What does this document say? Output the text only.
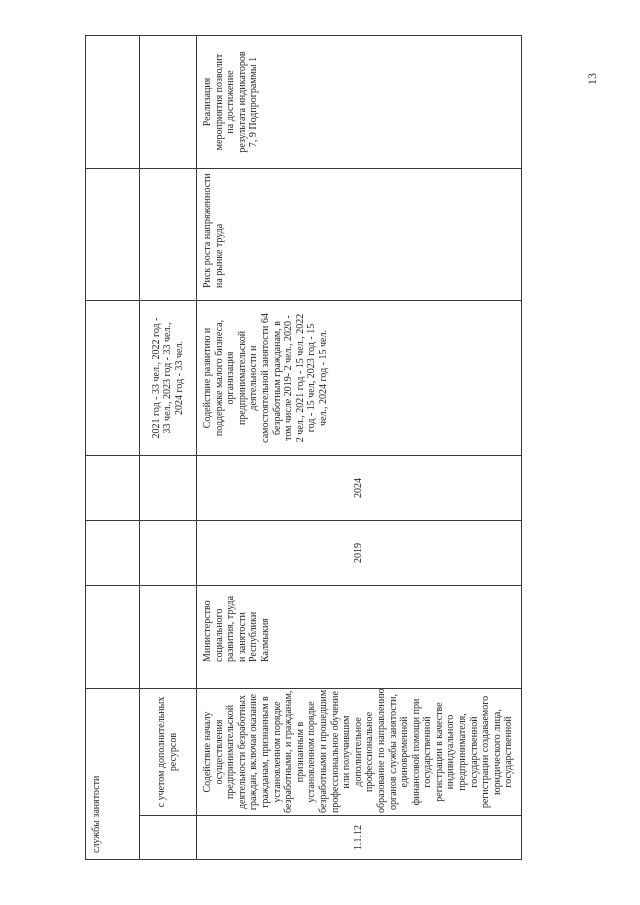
13
службы занятости
с учетом дополнительных ресурсов
2021 год - 33 чел., 2022 год - 33 чел., 2023 год - 33 чел., 2024 год - 33 чел.
1.1.12
Содействие началу осуществления предпринимательской деятельности безработных граждан, включая оказание гражданам, признанным в установленном порядке безработными, и гражданам, признанным в установленном порядке безработными и прошедшим профессиональное обучение или получившим дополнительное профессиональное образование по направлению органов службы занятости, единовременной финансовой помощи при государственной регистрации в качестве индивидуального предпринимателя, государственной регистрации создаваемого юридического лица, государственной
Министерство социального развития, труда и занятости Республики Калмыкия
2019
2024
Содействие развитию и поддержке малого бизнеса, организация предпринимательской деятельности и самостоятельной занятости 64 безработным гражданам, в том числе 2019- 2 чел., 2020 - 2 чел., 2021 год - 15 чел., 2022 год - 15 чел, 2023 год - 15 чел., 2024 год - 15 чел.
Риск роста напряженности на рынке труда
Реализация мероприятия позволит на достижение результата индикаторов 7, 9 Подпрограммы 1
